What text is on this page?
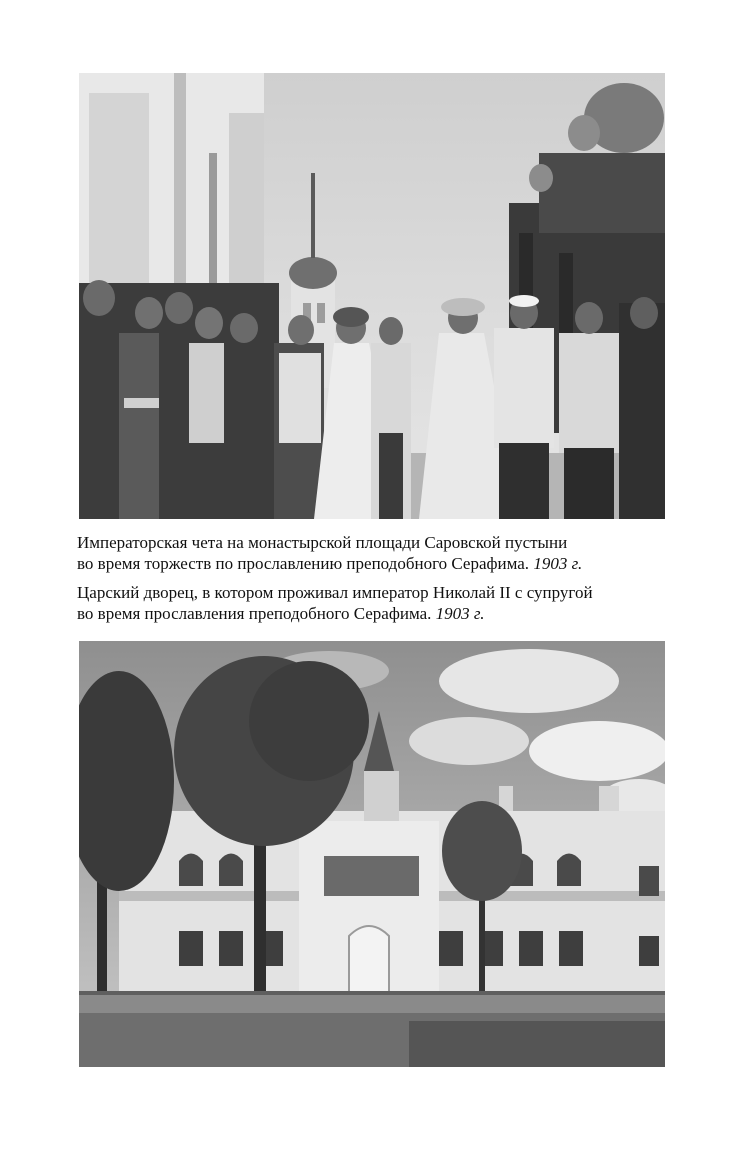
Императорская чета на монастырской площади Саровской пустыни
во время торжеств по прославлению преподобного Серафима. 1903 г.

Царский дворец, в котором проживал император Николай II с супругой
во время прославления преподобного Серафима. 1903 г.
